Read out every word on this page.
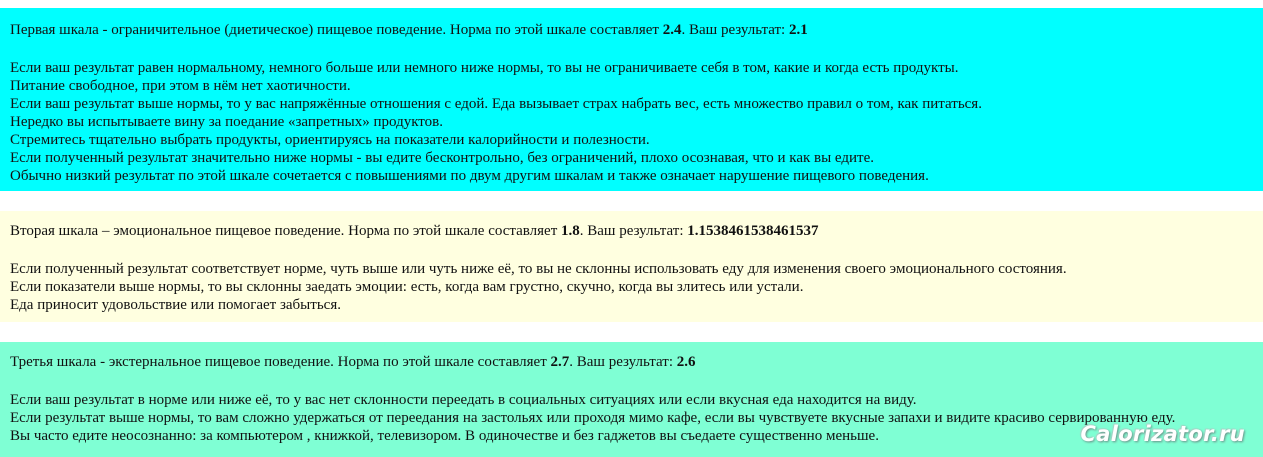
Первая шкала - ограничительное (диетическое) пищевое поведение. Норма по этой шкале составляет 2.4. Ваш результат: 2.1

Если ваш результат равен нормальному, немного больше или немного ниже нормы, то вы не ограничиваете себя в том, какие и когда есть продукты.

Питание свободное, при этом в нём нет хаотичности.

Если ваш результат выше нормы, то у вас напряжённые отношения с едой. Еда вызывает страх набрать вес, есть множество правил о том, как питаться.

Нередко вы испытываете вину за поедание «запретных» продуктов.

Стремитесь тщательно выбрать продукты, ориентируясь на показатели калорийности и полезности.

Если полученный результат значительно ниже нормы - вы едите бесконтрольно, без ограничений, плохо осознавая, что и как вы едите.

Обычно низкий результат по этой шкале сочетается с повышениями по двум другим шкалам и также означает нарушение пищевого поведения.

Вторая шкала – эмоциональное пищевое поведение. Норма по этой шкале составляет 1.8. Ваш результат: 1.1538461538461537

Если полученный результат соответствует норме, чуть выше или чуть ниже её, то вы не склонны использовать еду для изменения своего эмоционального состояния.

Если показатели выше нормы, то вы склонны заедать эмоции: есть, когда вам грустно, скучно, когда вы злитесь или устали.

Еда приносит удовольствие или помогает забыться.

Третья шкала - экстернальное пищевое поведение. Норма по этой шкале составляет 2.7. Ваш результат: 2.6

Если ваш результат в норме или ниже её, то у вас нет склонности переедать в социальных ситуациях или если вкусная еда находится на виду.

Если результат выше нормы, то вам сложно удержаться от переедания на застольях или проходя мимо кафе, если вы чувствуете вкусные запахи и видите красиво сервированную еду.

Вы часто едите неосознанно: за компьютером , книжкой, телевизором. В одиночестве и без гаджетов вы съедаете существенно меньше.	Calorizator.ru
